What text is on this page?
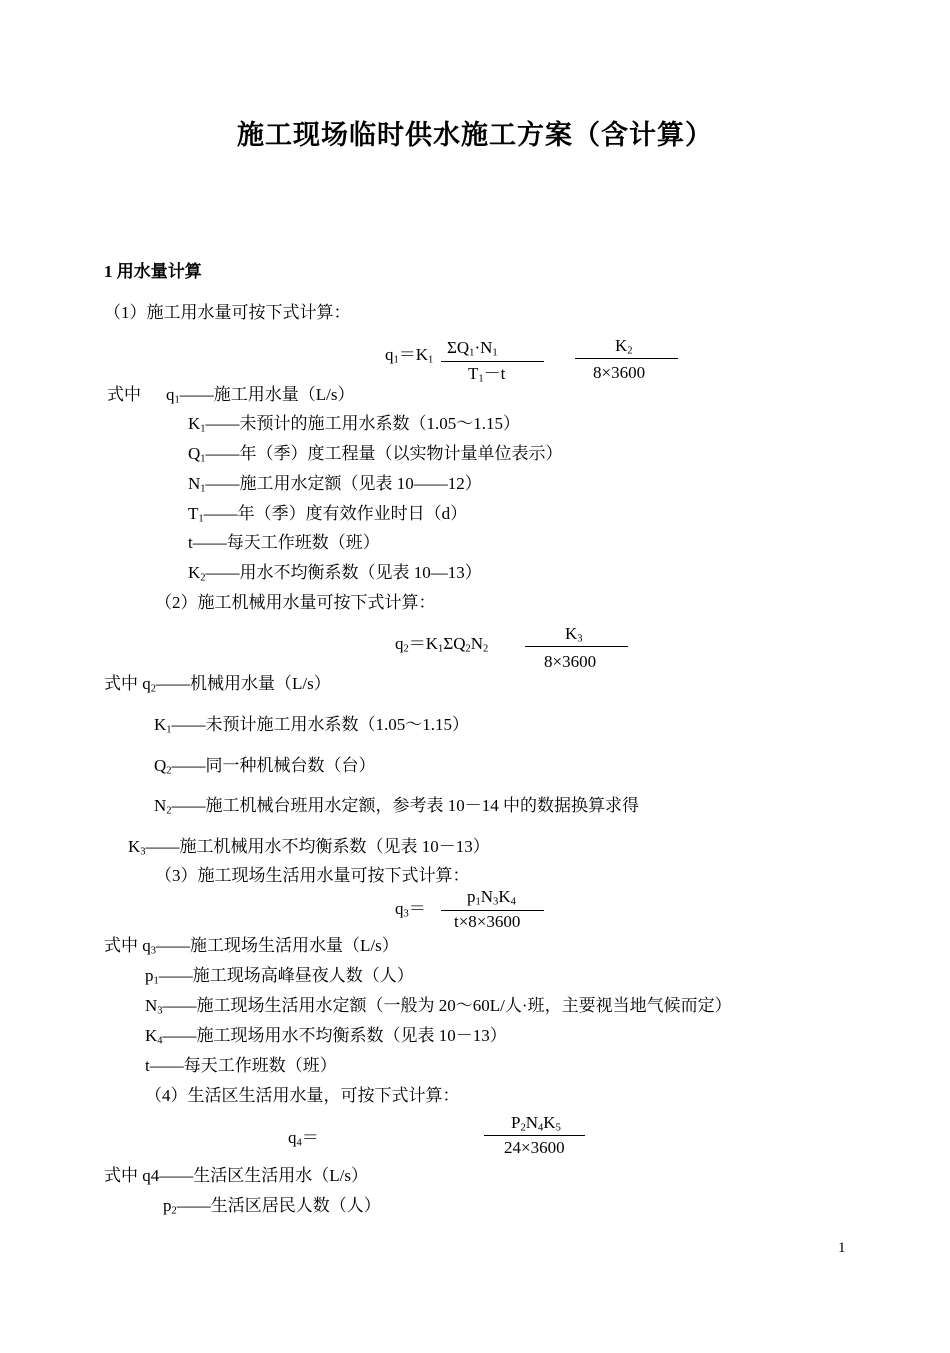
施工现场临时供水施工方案（含计算）
1 用水量计算
（1）施工用水量可按下式计算：
$q_1=K_1$
$\Sigma Q_1\cdot N_1$
$T_1-t$
$K_2$
8×3600
式中 $q_1——$施工用水量（L/s）
$K_1——$未预计的施工用水系数（1.05～1.15）
$Q_1——$年（季）度工程量（以实物计量单位表示）
$N_1——$施工用水定额（见表 10——12）
$T_1——$年（季）度有效作业时日（d）
t——每天工作班数（班）
$K_2——$用水不均衡系数（见表 10—13）
（2）施工机械用水量可按下式计算：
$q_2=K_1\Sigma Q_2N_2$
$K_3$
8×3600
式中 $q_2——$机械用水量（L/s）
$K_1——$未预计施工用水系数（1.05～1.15）
$Q_2——$同一种机械台数（台）
$N_2——$施工机械台班用水定额，参考表 10－14 中的数据换算求得
$K_3——$施工机械用水不均衡系数（见表 10－13）
（3）施工现场生活用水量可按下式计算：
$q_3=$
$p_1N_3K_4$
t×8×3600
式中 $q_3——$施工现场生活用水量（L/s）
$p_1——$施工现场高峰昼夜人数（人）
$N_3——$施工现场生活用水定额（一般为 20～60L/人·班，主要视当地气候而定）
$K_4——$施工现场用水不均衡系数（见表 10－13）
t——每天工作班数（班）
（4）生活区生活用水量，可按下式计算：
$q_4=$
$P_2N_4K_5$
24×3600
式中 q4——生活区生活用水（L/s）
$p_2——$生活区居民人数（人）
1
